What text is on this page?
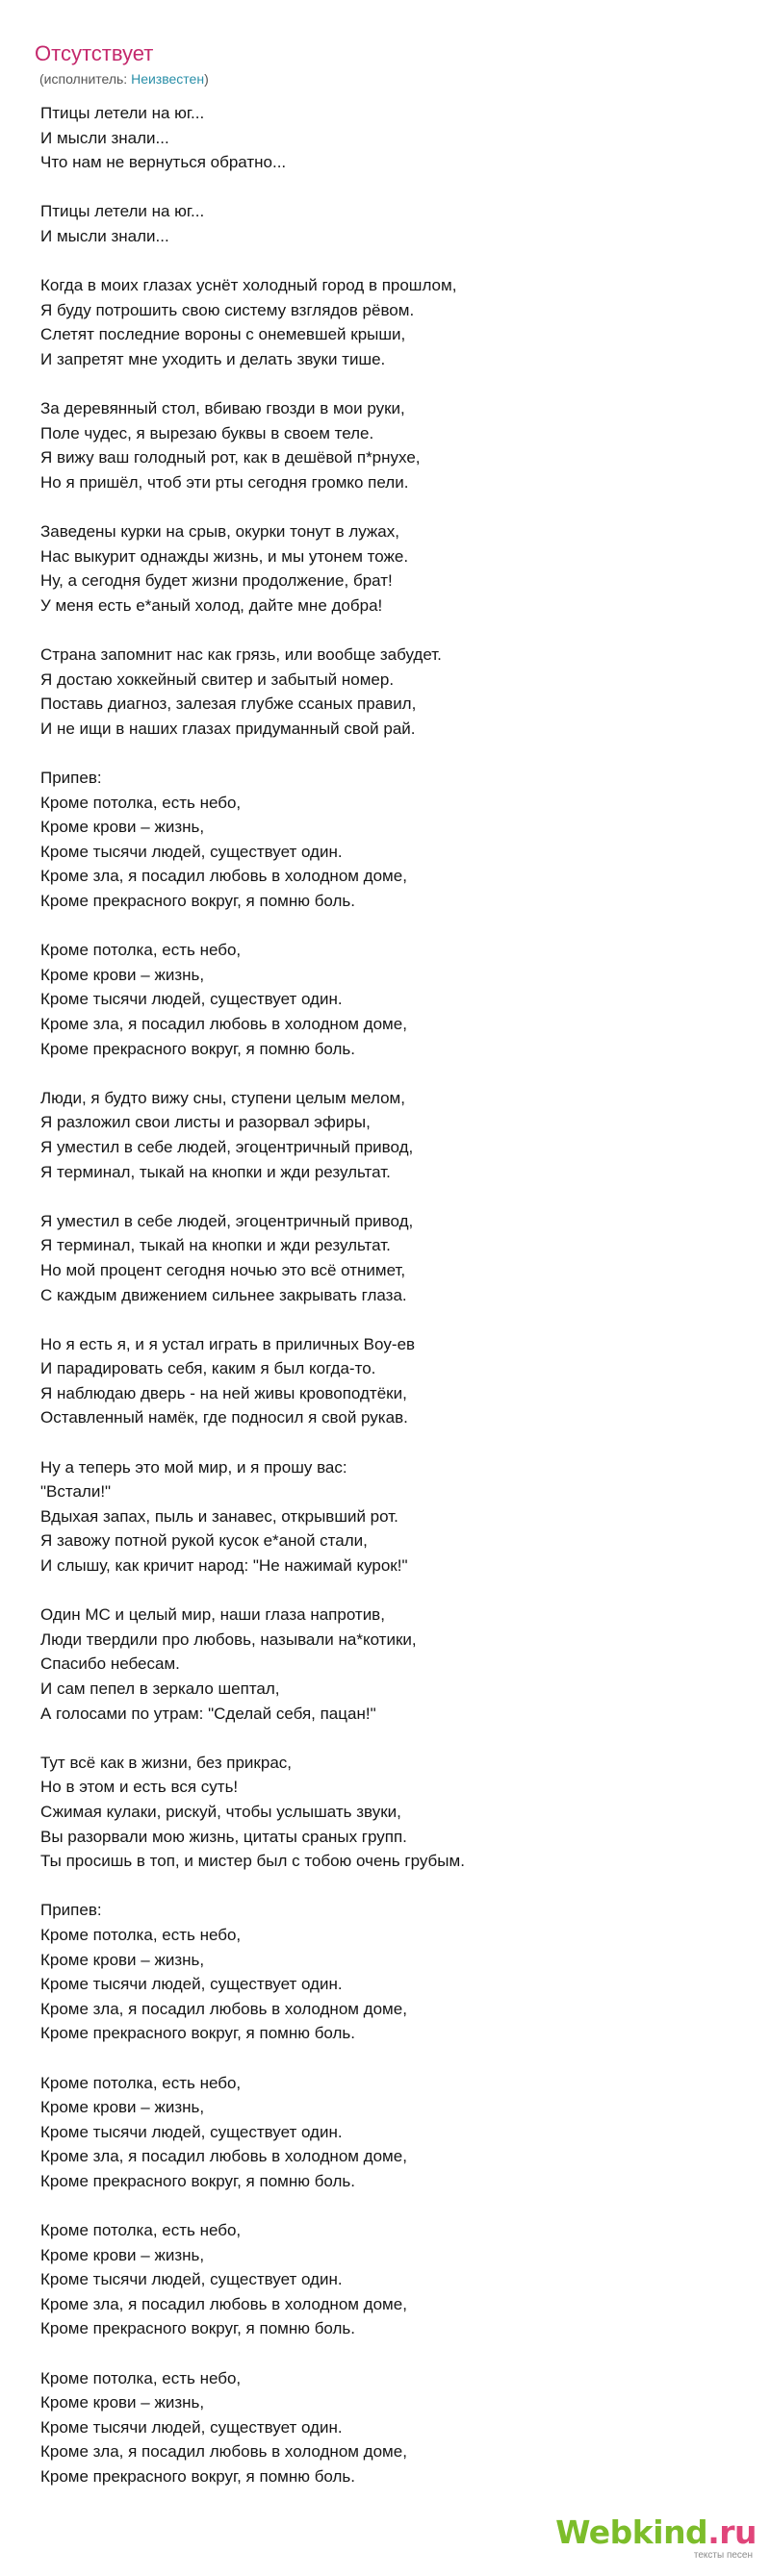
Отсутствует
(исполнитель: Неизвестен)
Птицы летели на юг...
И мысли знали...
Что нам не вернуться обратно...
Птицы летели на юг...
И мысли знали...
Когда в моих глазах уснёт холодный город в прошлом,
Я буду потрошить свою систему взглядов рёвом.
Слетят последние вороны с онемевшей крыши,
И запретят мне уходить и делать звуки тише.
За деревянный стол, вбиваю гвозди в мои руки,
Поле чудес, я вырезаю буквы в своем теле.
Я вижу ваш голодный рот, как в дешёвой п*рнухе,
Но я пришёл, чтоб эти рты сегодня громко пели.
Заведены курки на срыв, окурки тонут в лужах,
Нас выкурит однажды жизнь, и мы утонем тоже.
Ну, а сегодня будет жизни продолжение, брат!
У меня есть е*аный холод, дайте мне добра!
Страна запомнит нас как грязь, или вообще забудет.
Я достаю хоккейный свитер и забытый номер.
Поставь диагноз, залезая глубже ссаных правил,
И не ищи в наших глазах придуманный свой рай.
Припев:
Кроме потолка, есть небо,
Кроме крови – жизнь,
Кроме тысячи людей, существует один.
Кроме зла, я посадил любовь в холодном доме,
Кроме прекрасного вокруг, я помню боль.
Кроме потолка, есть небо,
Кроме крови – жизнь,
Кроме тысячи людей, существует один.
Кроме зла, я посадил любовь в холодном доме,
Кроме прекрасного вокруг, я помню боль.
Люди, я будто вижу сны, ступени целым мелом,
Я разложил свои листы и разорвал эфиры,
Я уместил в себе людей, эгоцентричный привод,
Я терминал, тыкай на кнопки и жди результат.
Я уместил в себе людей, эгоцентричный привод,
Я терминал, тыкай на кнопки и жди результат.
Но мой процент сегодня ночью это всё отнимет,
С каждым движением сильнее закрывать глаза.
Но я есть я, и я устал играть в приличных Boy-ев
И парадировать себя, каким я был когда-то.
Я наблюдаю дверь - на ней живы кровоподтёки,
Оставленный намёк, где подносил я свой рукав.
Ну а теперь это мой мир, и я прошу вас:
"Встали!"
Вдыхая запах, пыль и занавес, открывший рот.
Я завожу потной рукой кусок е*аной стали,
И слышу, как кричит народ: "Не нажимай курок!"
Один MC и целый мир, наши глаза напротив,
Люди твердили про любовь, называли на*котики,
Спасибо небесам.
И сам пепел в зеркало шептал,
А голосами по утрам: "Сделай себя, пацан!"
Тут всё как в жизни, без прикрас,
Но в этом и есть вся суть!
Сжимая кулаки, рискуй, чтобы услышать звуки,
Вы разорвали мою жизнь, цитаты сраных групп.
Ты просишь в топ, и мистер был с тобою очень грубым.
Припев:
Кроме потолка, есть небо,
Кроме крови – жизнь,
Кроме тысячи людей, существует один.
Кроме зла, я посадил любовь в холодном доме,
Кроме прекрасного вокруг, я помню боль.
Кроме потолка, есть небо,
Кроме крови – жизнь,
Кроме тысячи людей, существует один.
Кроме зла, я посадил любовь в холодном доме,
Кроме прекрасного вокруг, я помню боль.
Кроме потолка, есть небо,
Кроме крови – жизнь,
Кроме тысячи людей, существует один.
Кроме зла, я посадил любовь в холодном доме,
Кроме прекрасного вокруг, я помню боль.
Кроме потолка, есть небо,
Кроме крови – жизнь,
Кроме тысячи людей, существует один.
Кроме зла, я посадил любовь в холодном доме,
Кроме прекрасного вокруг, я помню боль.
Webkind.ru
тексты песен
